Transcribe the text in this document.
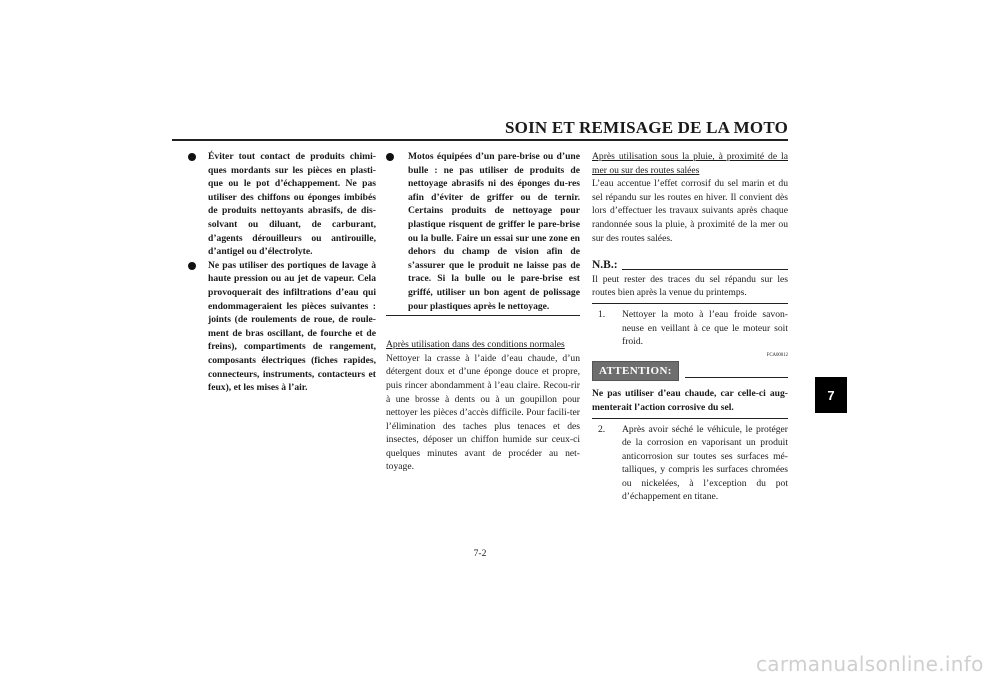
SOIN ET REMISAGE DE LA MOTO
Éviter tout contact de produits chimi-ques mordants sur les pièces en plasti-que ou le pot d’échappement. Ne pas utiliser des chiffons ou éponges imbibés de produits nettoyants abrasifs, de dis-solvant ou diluant, de carburant, d’agents dérouilleurs ou antirouille, d’antigel ou d’électrolyte.
Ne pas utiliser des portiques de lavage à haute pression ou au jet de vapeur. Cela provoquerait des infiltrations d’eau qui endommageraient les pièces suivantes : joints (de roulements de roue, de roule-ment de bras oscillant, de fourche et de freins), compartiments de rangement, composants électriques (fiches rapides, connecteurs, instruments, contacteurs et feux), et les mises à l’air.
Motos équipées d’un pare-brise ou d’une bulle : ne pas utiliser de produits de nettoyage abrasifs ni des éponges du-res afin d’éviter de griffer ou de ternir. Certains produits de nettoyage pour plastique risquent de griffer le pare-brise ou la bulle. Faire un essai sur une zone en dehors du champ de vision afin de s’assurer que le produit ne laisse pas de trace. Si la bulle ou le pare-brise est griffé, utiliser un bon agent de polissage pour plastiques après le nettoyage.

Après utilisation dans des conditions normales

Nettoyer la crasse à l’aide d’eau chaude, d’un détergent doux et d’une éponge douce et propre, puis rincer abondamment à l’eau claire. Recou-rir à une brosse à dents ou à un goupillon pour nettoyer les pièces d’accès difficile. Pour facili-ter l’élimination des taches plus tenaces et des insectes, déposer un chiffon humide sur ceux-ci quelques minutes avant de procéder au net-toyage.

Après utilisation sous la pluie, à proximité de la mer ou sur des routes salées

L’eau accentue l’effet corrosif du sel marin et du sel répandu sur les routes en hiver. Il convient dès lors d’effectuer les travaux suivants après chaque randonnée sous la pluie, à proximité de la mer ou sur des routes salées.

N.B.:

Il peut rester des traces du sel répandu sur les routes bien après la venue du printemps.

1. Nettoyer la moto à l’eau froide savon-neuse en veillant à ce que le moteur soit froid.
FCA00012
ATTENTION:

Ne pas utiliser d’eau chaude, car celle-ci aug-menterait l’action corrosive du sel.

2. Après avoir séché le véhicule, le protéger de la corrosion en vaporisant un produit anticorrosion sur toutes ses surfaces mé-talliques, y compris les surfaces chromées ou nickelées, à l’exception du pot d’échappement en titane.
7
7-2
carmanualsonline.info
